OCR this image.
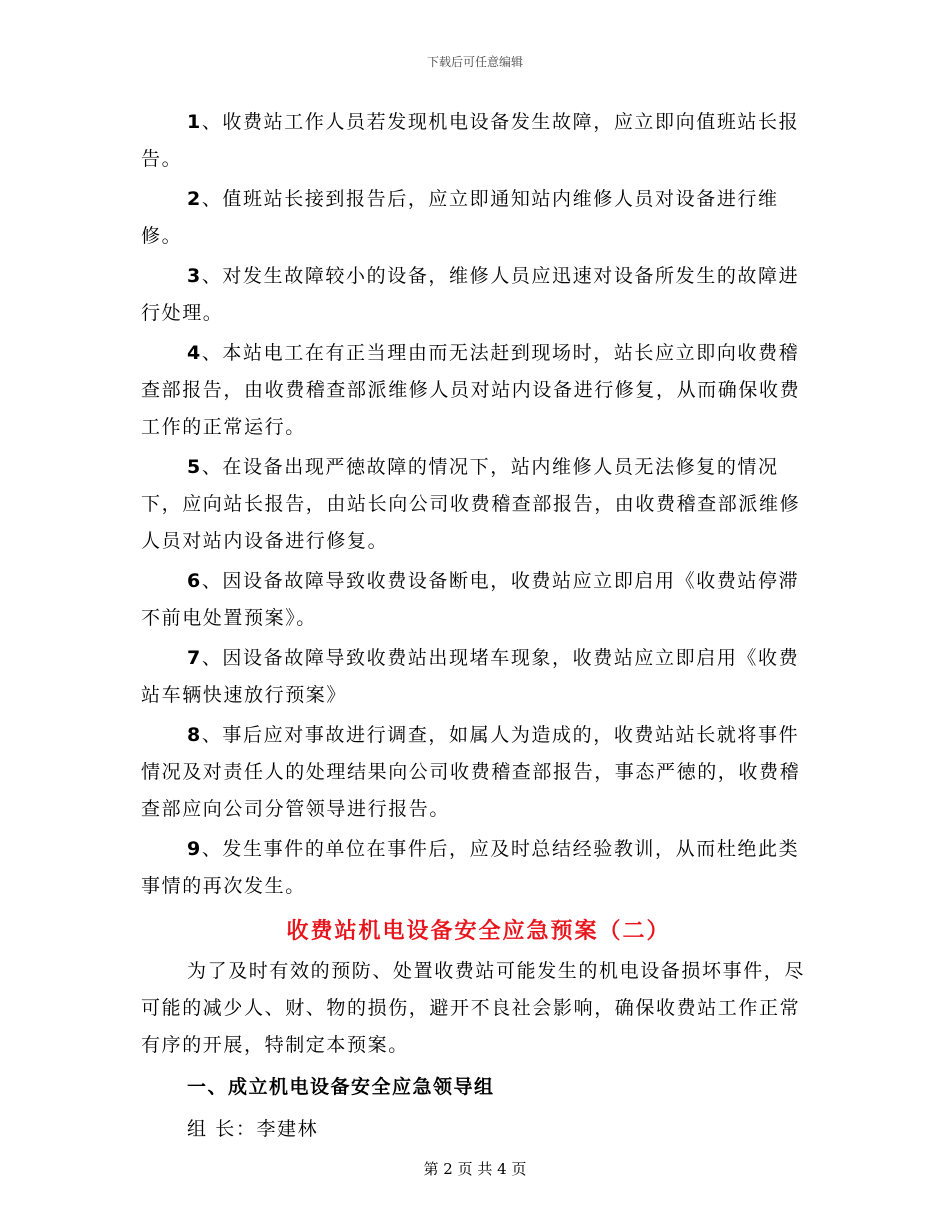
下载后可任意编辑

1、收费站工作人员若发现机电设备发生故障，应立即向值班站长报告。

2、值班站长接到报告后，应立即通知站内维修人员对设备进行维修。

3、对发生故障较小的设备，维修人员应迅速对设备所发生的故障进行处理。

4、本站电工在有正当理由而无法赶到现场时，站长应立即向收费稽查部报告，由收费稽查部派维修人员对站内设备进行修复，从而确保收费工作的正常运行。

5、在设备出现严徳故障的情况下，站内维修人员无法修复的情况下，应向站长报告，由站长向公司收费稽查部报告，由收费稽查部派维修人员对站内设备进行修复。

6、因设备故障导致收费设备断电，收费站应立即启用《收费站停滞不前电处置预案》。

7、因设备故障导致收费站出现堵车现象，收费站应立即启用《收费站车辆快速放行预案》

8、事后应对事故进行调查，如属人为造成的，收费站站长就将事件情况及对责任人的处理结果向公司收费稽查部报告，事态严徳的，收费稽查部应向公司分管领导进行报告。

9、发生事件的单位在事件后，应及时总结经验教训，从而杜绝此类事情的再次发生。

收费站机电设备安全应急预案（二）

为了及时有效的预防、处置收费站可能发生的机电设备损坏事件，尽可能的减少人、财、物的损伤，避开不良社会影响，确保收费站工作正常有序的开展，特制定本预案。

一、成立机电设备安全应急领导组
组 长：李建林
第 2 页 共 4 页
